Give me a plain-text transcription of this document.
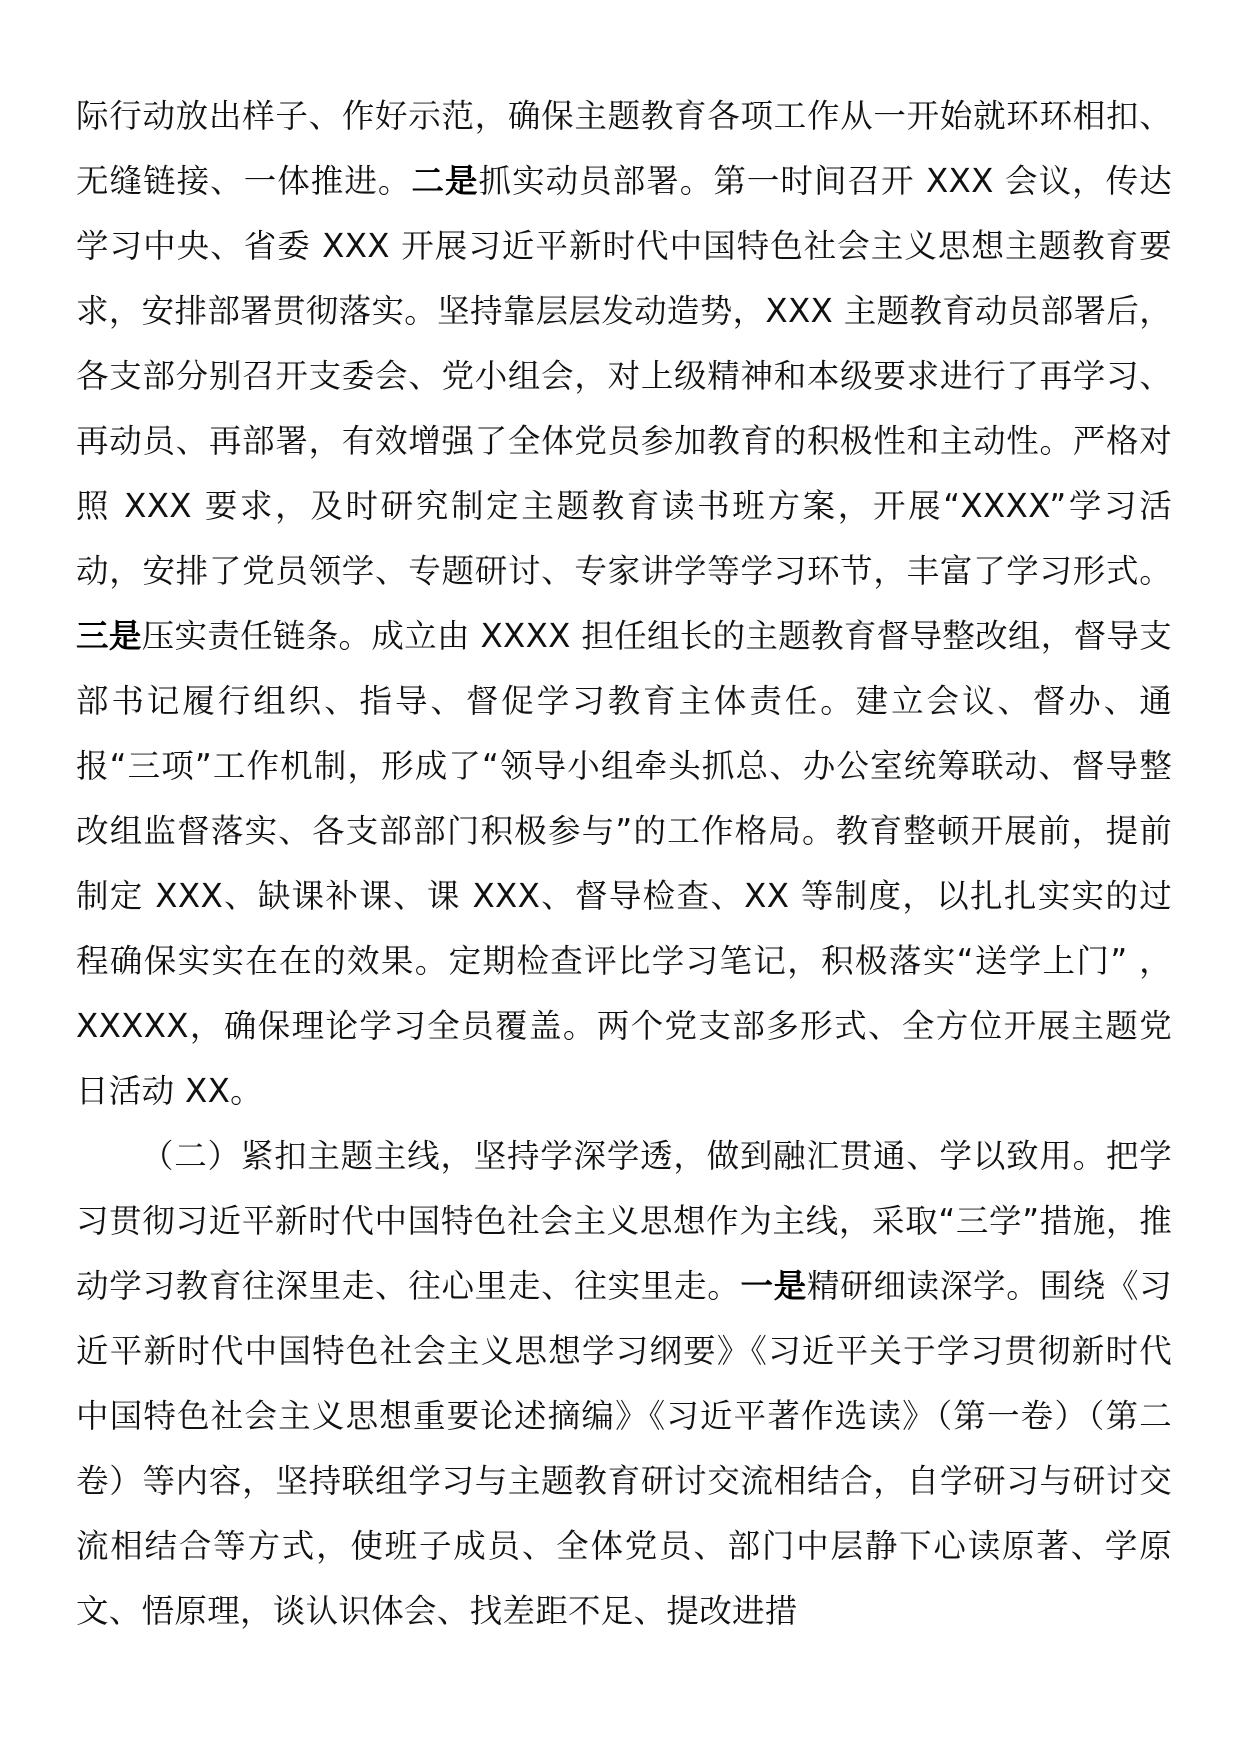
际行动放出样子、作好示范，确保主题教育各项工作从一开始就环环相扣、无缝链接、一体推进。二是抓实动员部署。第一时间召开 XXX 会议，传达学习中央、省委 XXX 开展习近平新时代中国特色社会主义思想主题教育要求，安排部署贯彻落实。坚持靠层层发动造势，XXX 主题教育动员部署后，各支部分别召开支委会、党小组会，对上级精神和本级要求进行了再学习、再动员、再部署，有效增强了全体党员参加教育的积极性和主动性。严格对照 XXX 要求，及时研究制定主题教育读书班方案，开展“XXXX”学习活动，安排了党员领学、专题研讨、专家讲学等学习环节，丰富了学习形式。三是压实责任链条。成立由 XXXX 担任组长的主题教育督导整改组，督导支部书记履行组织、指导、督促学习教育主体责任。建立会议、督办、通报“三项”工作机制，形成了“领导小组牵头抓总、办公室统筹联动、督导整改组监督落实、各支部部门积极参与”的工作格局。教育整顿开展前，提前制定 XXX、缺课补课、课 XXX、督导检查、XX 等制度，以扎扎实实的过程确保实实在在的效果。定期检查评比学习笔记，积极落实“送学上门” ，XXXXX，确保理论学习全员覆盖。两个党支部多形式、全方位开展主题党日活动 XX。

（二）紧扣主题主线，坚持学深学透，做到融汇贯通、学以致用。把学习贯彻习近平新时代中国特色社会主义思想作为主线，采取“三学”措施，推动学习教育往深里走、往心里走、往实里走。一是精研细读深学。围绕《习近平新时代中国特色社会主义思想学习纲要》《习近平关于学习贯彻新时代中国特色社会主义思想重要论述摘编》《习近平著作选读》（第一卷）（第二卷）等内容，坚持联组学习与主题教育研讨交流相结合，自学研习与研讨交流相结合等方式，使班子成员、全体党员、部门中层静下心读原著、学原文、悟原理，谈认识体会、找差距不足、提改进措
